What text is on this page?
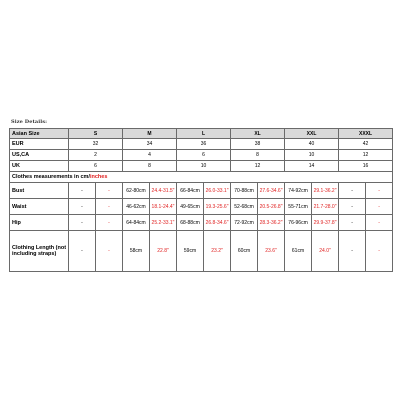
Size Details:
Asian Size	S		M		L		XL		XXL		XXXL	
EUR	32		34		36		38		40		42	
US,CA	2		4		6		8		10		12	
UK	6		8		10		12		14		16	
Clothes measurements in cm/inches												
Bust	-	-	62-80cm	24.4-31.5"	66-84cm	26.0-33.1"	70-88cm	27.6-34.6"	74-92cm	29.1-36.2"	-	-
Waist	-	-	46-62cm	18.1-24.4"	49-65cm	19.3-25.6"	52-68cm	20.5-26.8"	55-71cm	21.7-28.0"	-	-
Hip	-	-	64-84cm	25.2-33.1"	68-88cm	26.8-34.6"	72-92cm	28.3-36.2"	76-96cm	29.9-37.8"	-	-
Clothing Length (not including straps)	-	-	58cm	22.8"	59cm	23.2"	60cm	23.6"	61cm	24.0"	-	-
